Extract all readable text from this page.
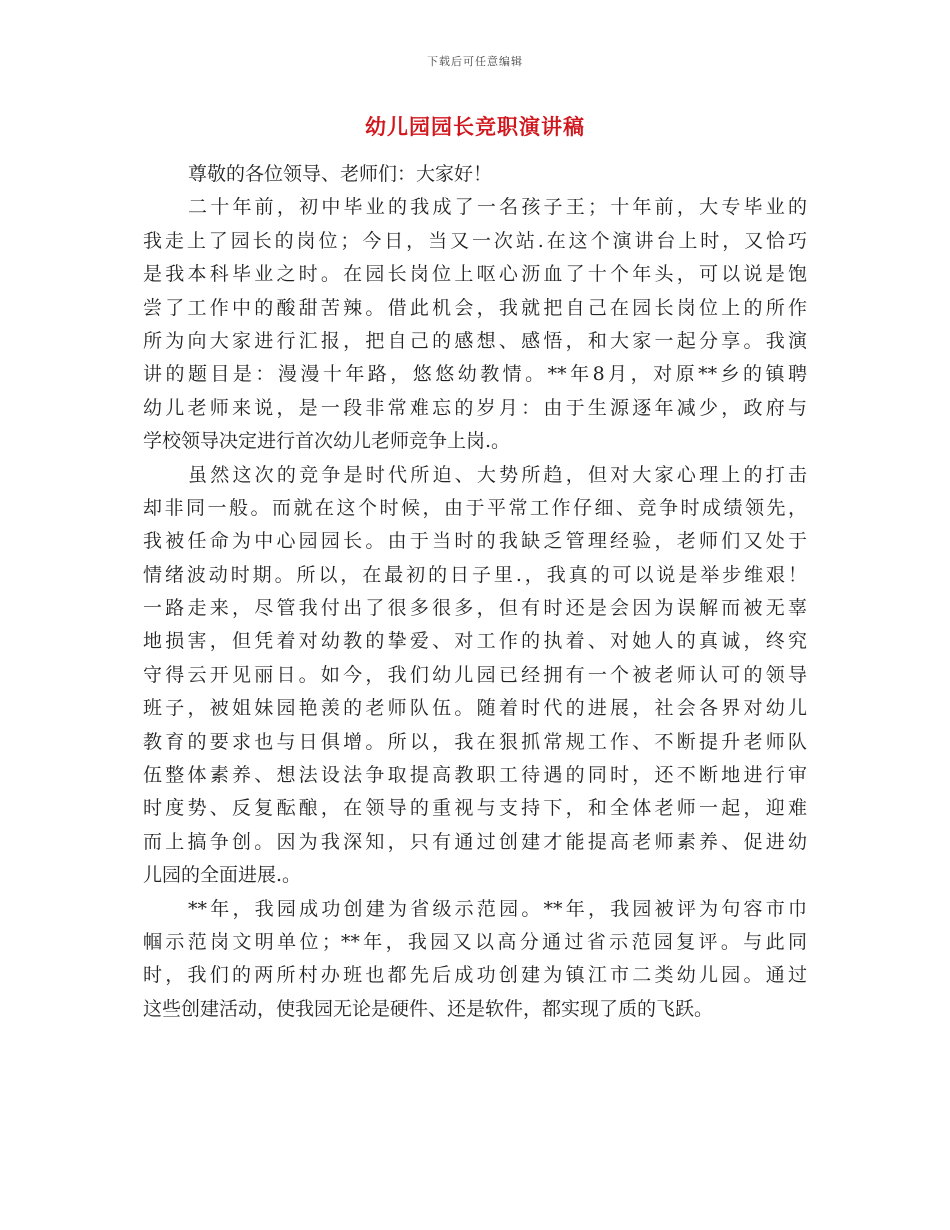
下载后可任意编辑
幼儿园园长竞职演讲稿
尊敬的各位领导、老师们：大家好！
二十年前，初中毕业的我成了一名孩子王；十年前，大专毕业的
我走上了园长的岗位；今日，当又一次站.在这个演讲台上时，又恰巧
是我本科毕业之时。在园长岗位上呕心沥血了十个年头，可以说是饱
尝了工作中的酸甜苦辣。借此机会，我就把自己在园长岗位上的所作
所为向大家进行汇报，把自己的感想、感悟，和大家一起分享。我演
讲的题目是：漫漫十年路，悠悠幼教情。**年8月，对原**乡的镇聘
幼儿老师来说，是一段非常难忘的岁月：由于生源逐年减少，政府与
学校领导决定进行首次幼儿老师竞争上岗.。
虽然这次的竞争是时代所迫、大势所趋，但对大家心理上的打击
却非同一般。而就在这个时候，由于平常工作仔细、竞争时成绩领先，
我被任命为中心园园长。由于当时的我缺乏管理经验，老师们又处于
情绪波动时期。所以，在最初的日子里.，我真的可以说是举步维艰！
一路走来，尽管我付出了很多很多，但有时还是会因为误解而被无辜
地损害，但凭着对幼教的挚爱、对工作的执着、对她人的真诚，终究
守得云开见丽日。如今，我们幼儿园已经拥有一个被老师认可的领导
班子，被姐妹园艳羡的老师队伍。随着时代的进展，社会各界对幼儿
教育的要求也与日俱增。所以，我在狠抓常规工作、不断提升老师队
伍整体素养、想法设法争取提高教职工待遇的同时，还不断地进行审
时度势、反复酝酿，在领导的重视与支持下，和全体老师一起，迎难
而上搞争创。因为我深知，只有通过创建才能提高老师素养、促进幼
儿园的全面进展.。
**年，我园成功创建为省级示范园。**年，我园被评为句容市巾
帼示范岗文明单位；**年，我园又以高分通过省示范园复评。与此同
时，我们的两所村办班也都先后成功创建为镇江市二类幼儿园。通过
这些创建活动，使我园无论是硬件、还是软件，都实现了质的飞跃。
